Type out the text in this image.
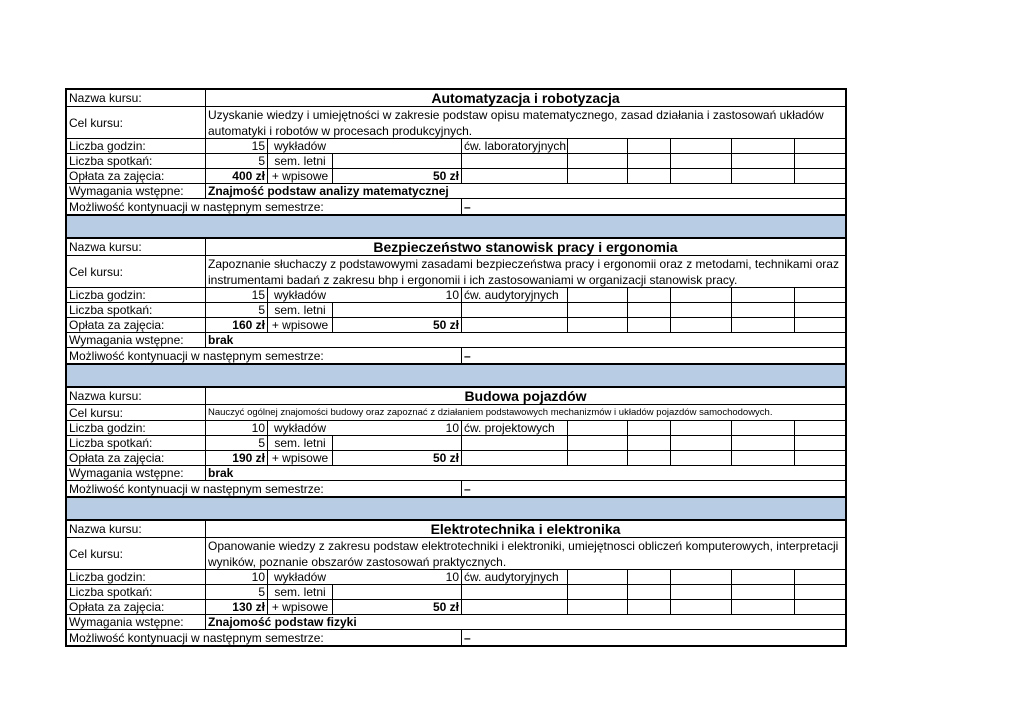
Nazwa kursu:	Automatyzacja i robotyzacja
Cel kursu:
Uzyskanie wiedzy i umiejętności w zakresie podstaw opisu matematycznego, zasad działania i zastosowań układów automatyki i robotów w procesach produkcyjnych.
Liczba godzin:	15 wykładów	ćw. laboratoryjnych
Liczba spotkań:	5 sem. letni
Opłata za zajęcia:	400 zł + wpisowe	50 zł
Wymagania wstępne:	Znajmość podstaw analizy matematycznej
Możliwość kontynuacji w następnym semestrze:	–
Nazwa kursu:	Bezpieczeństwo stanowisk pracy i ergonomia
Cel kursu:
Zapoznanie słuchaczy z podstawowymi zasadami bezpieczeństwa pracy i ergonomii oraz z metodami, technikami oraz instrumentami badań z zakresu bhp i ergonomii i ich zastosowaniami w organizacji stanowisk pracy.
Liczba godzin:	15 wykładów	10 ćw. audytoryjnych
Liczba spotkań:	5 sem. letni
Opłata za zajęcia:	160 zł + wpisowe	50 zł
Wymagania wstępne:	brak
Możliwość kontynuacji w następnym semestrze:	–
Nazwa kursu:	Budowa pojazdów
Cel kursu:	Nauczyć ogólnej znajomości budowy oraz zapoznać z działaniem podstawowych mechanizmów i układów pojazdów samochodowych.
Liczba godzin:	10 wykładów	10 ćw. projektowych
Liczba spotkań:	5 sem. letni
Opłata za zajęcia:	190 zł + wpisowe	50 zł
Wymagania wstępne:	brak
Możliwość kontynuacji w następnym semestrze:	–
Nazwa kursu:	Elektrotechnika i elektronika
Cel kursu:
Opanowanie wiedzy z zakresu podstaw elektrotechniki i elektroniki, umiejętnosci obliczeń komputerowych, interpretacji wyników, poznanie obszarów zastosowań praktycznych.
Liczba godzin:	10 wykładów	10 ćw. audytoryjnych
Liczba spotkań:	5 sem. letni
Opłata za zajęcia:	130 zł + wpisowe	50 zł
Wymagania wstępne:	Znajomość podstaw fizyki
Możliwość kontynuacji w następnym semestrze:	–
